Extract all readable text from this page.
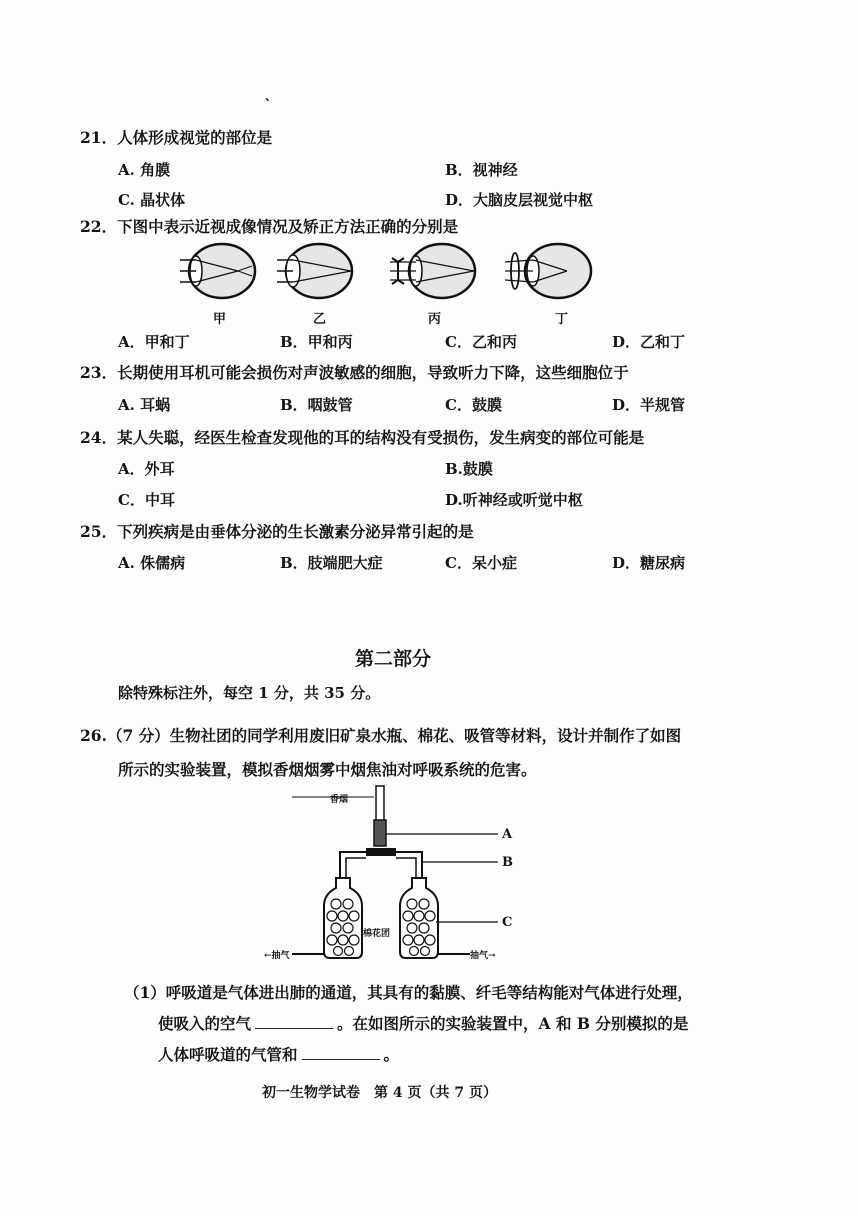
、
21．人体形成视觉的部位是
A. 角膜	B．视神经
C. 晶状体	D．大脑皮层视觉中枢
22．下图中表示近视成像情况及矫正方法正确的分别是
甲	乙	丙	丁
A．甲和丁	B．甲和丙	C．乙和丙	D．乙和丁
23．长期使用耳机可能会损伤对声波敏感的细胞，导致听力下降，这些细胞位于
A. 耳蜗	B．咽鼓管	C．鼓膜	D．半规管
24．某人失聪，经医生检查发现他的耳的结构没有受损伤，发生病变的部位可能是
A．外耳	B.鼓膜
C．中耳	D.听神经或听觉中枢
25．下列疾病是由垂体分泌的生长激素分泌异常引起的是
A. 侏儒病	B．肢端肥大症	C．呆小症	D．糖尿病
第二部分
除特殊标注外，每空 1 分，共 35 分。
26.（7 分）生物社团的同学利用废旧矿泉水瓶、棉花、吸管等材料，设计并制作了如图
所示的实验装置，模拟香烟烟雾中烟焦油对呼吸系统的危害。
香烟
棉花团
←抽气	抽气→
A
B
C
（1）呼吸道是气体进出肺的通道，其具有的黏膜、纤毛等结构能对气体进行处理，
使吸入的空气	。在如图所示的实验装置中，A 和 B 分别模拟的是
人体呼吸道的气管和	。
初一生物学试卷　第 4 页（共 7 页）
